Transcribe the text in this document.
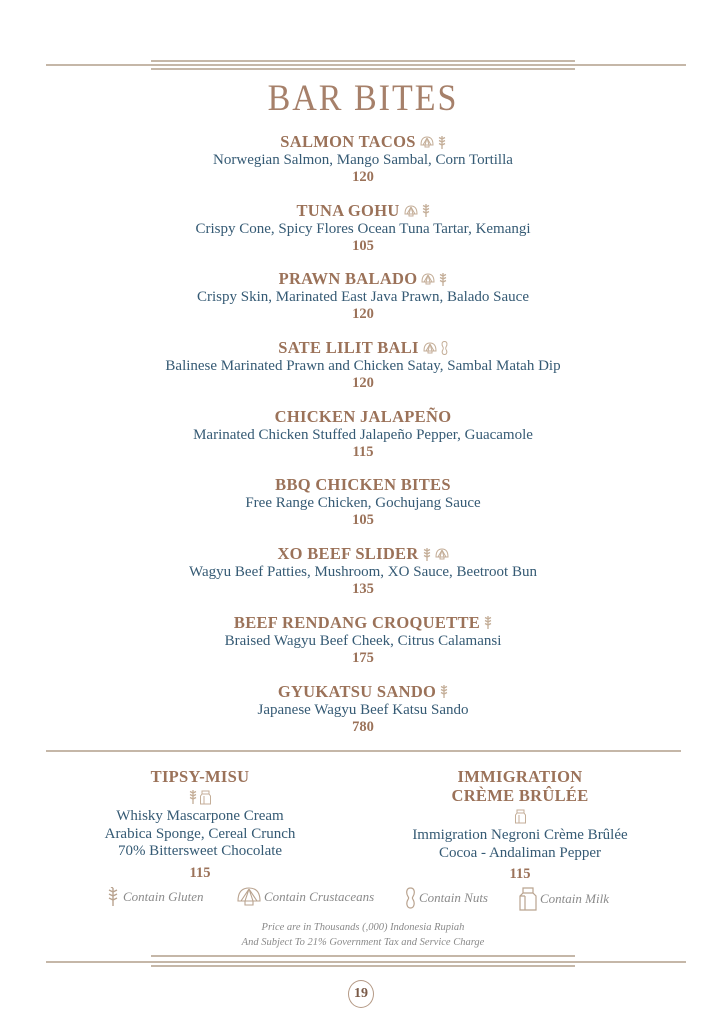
BAR BITES
SALMON TACOS
Norwegian Salmon, Mango Sambal, Corn Tortilla
120
TUNA GOHU
Crispy Cone, Spicy Flores Ocean Tuna Tartar, Kemangi
105
PRAWN BALADO
Crispy Skin, Marinated East Java Prawn, Balado Sauce
120
SATE LILIT BALI
Balinese Marinated Prawn and Chicken Satay, Sambal Matah Dip
120
CHICKEN JALAPEÑO
Marinated Chicken Stuffed Jalapeño Pepper, Guacamole
115
BBQ CHICKEN BITES
Free Range Chicken, Gochujang Sauce
105
XO BEEF SLIDER
Wagyu Beef Patties, Mushroom, XO Sauce, Beetroot Bun
135
BEEF RENDANG CROQUETTE
Braised Wagyu Beef Cheek, Citrus Calamansi
175
GYUKATSU SANDO
Japanese Wagyu Beef Katsu Sando
780
TIPSY-MISU
Whisky Mascarpone Cream
Arabica Sponge, Cereal Crunch
70% Bittersweet Chocolate
115
IMMIGRATION
CRÈME BRÛLÉE
Immigration Negroni Crème Brûlée
Cocoa - Andaliman Pepper
115
Contain Gluten	Contain Crustaceans	Contain Nuts	Contain Milk
Price are in Thousands (,000) Indonesia Rupiah
And Subject To 21% Government Tax and Service Charge
19
